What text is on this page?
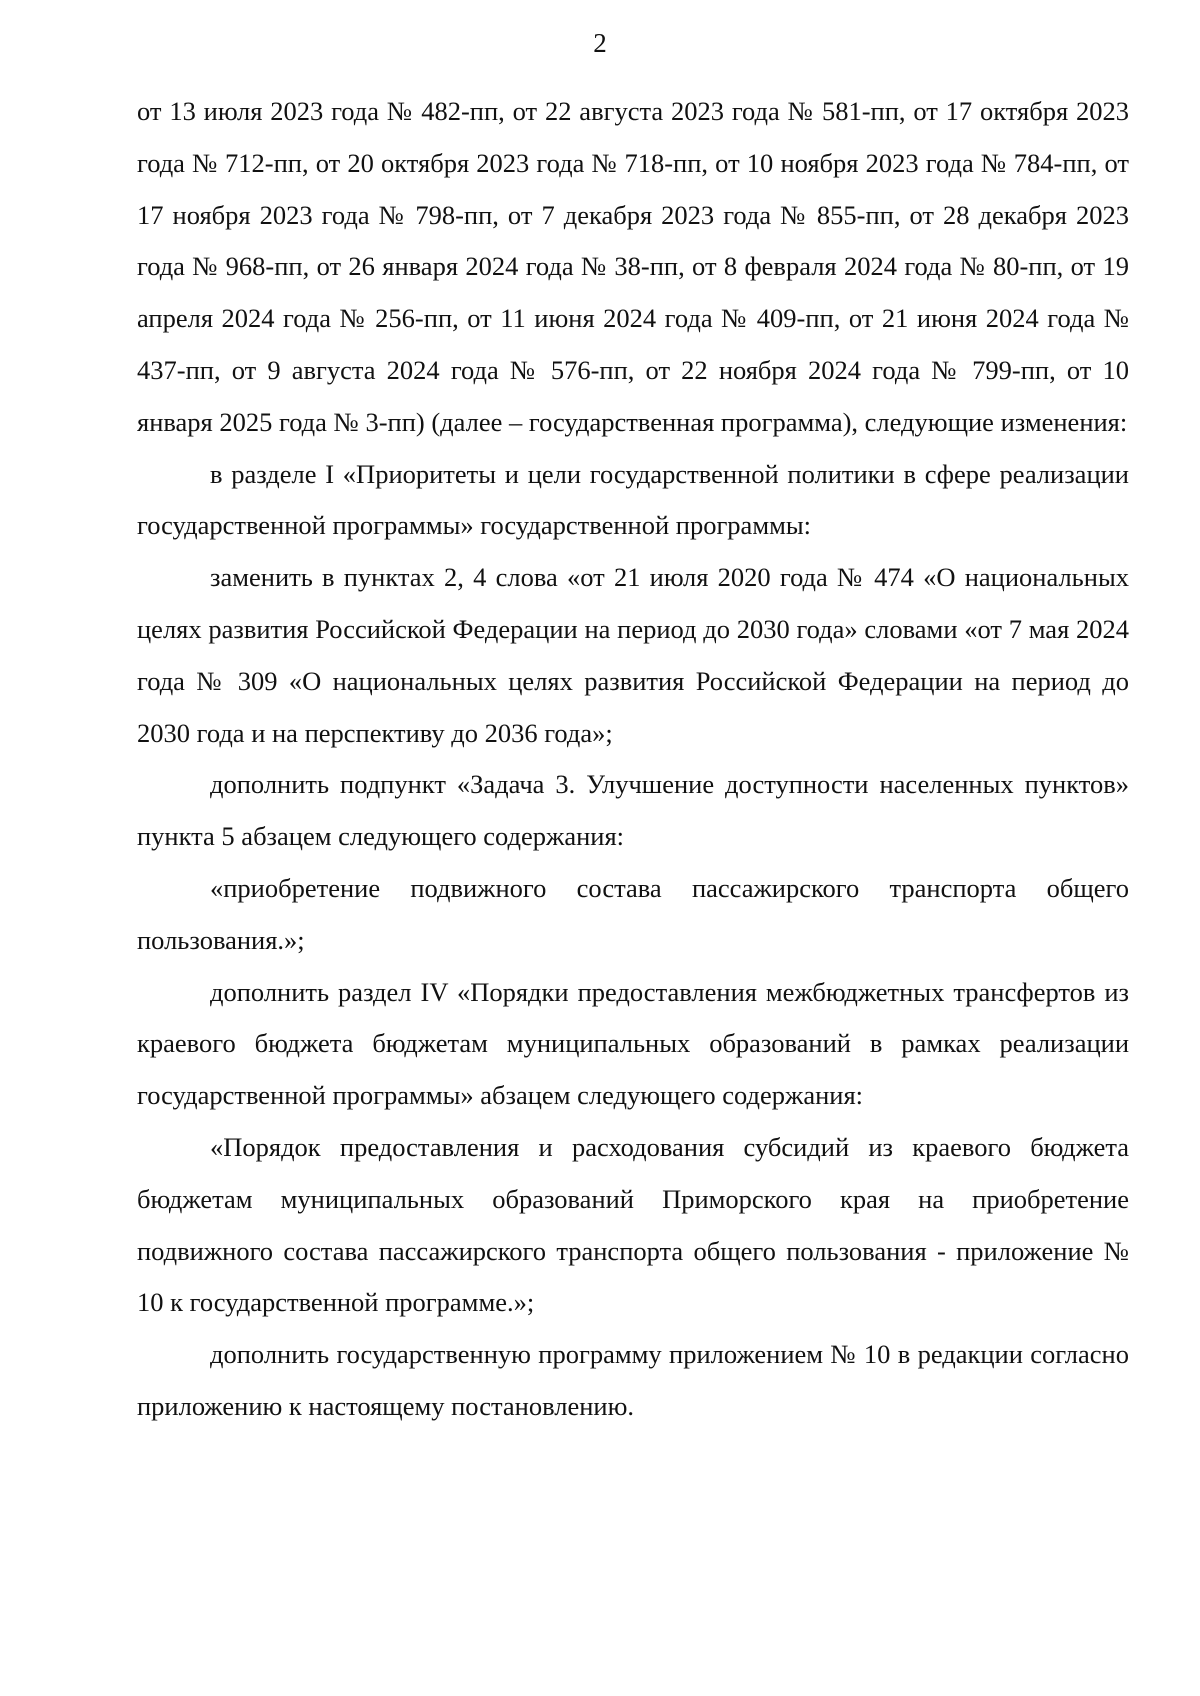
2

от 13 июля 2023 года № 482-пп, от 22 августа 2023 года № 581-пп, от 17 октября 2023 года № 712-пп, от 20 октября 2023 года № 718-пп, от 10 ноября 2023 года № 784-пп, от 17 ноября 2023 года № 798-пп, от 7 декабря 2023 года № 855-пп, от 28 декабря 2023 года № 968-пп, от 26 января 2024 года № 38-пп, от 8 февраля 2024 года № 80-пп, от 19 апреля 2024 года № 256-пп, от 11 июня 2024 года № 409-пп, от 21 июня 2024 года № 437-пп, от 9 августа 2024 года № 576-пп, от 22 ноября 2024 года № 799-пп, от 10 января 2025 года № 3-пп) (далее – государственная программа), следующие изменения:

в разделе I «Приоритеты и цели государственной политики в сфере реализации государственной программы» государственной программы:

заменить в пунктах 2, 4 слова «от 21 июля 2020 года № 474 «О национальных целях развития Российской Федерации на период до 2030 года» словами «от 7 мая 2024 года № 309 «О национальных целях развития Российской Федерации на период до 2030 года и на перспективу до 2036 года»;

дополнить подпункт «Задача 3. Улучшение доступности населенных пунктов» пункта 5 абзацем следующего содержания:

«приобретение подвижного состава пассажирского транспорта общего пользования.»;

дополнить раздел IV «Порядки предоставления межбюджетных трансфертов из краевого бюджета бюджетам муниципальных образований в рамках реализации государственной программы» абзацем следующего содержания:

«Порядок предоставления и расходования субсидий из краевого бюджета бюджетам муниципальных образований Приморского края на приобретение подвижного состава пассажирского транспорта общего пользования - приложение № 10 к государственной программе.»;

дополнить государственную программу приложением № 10 в редакции согласно приложению к настоящему постановлению.
